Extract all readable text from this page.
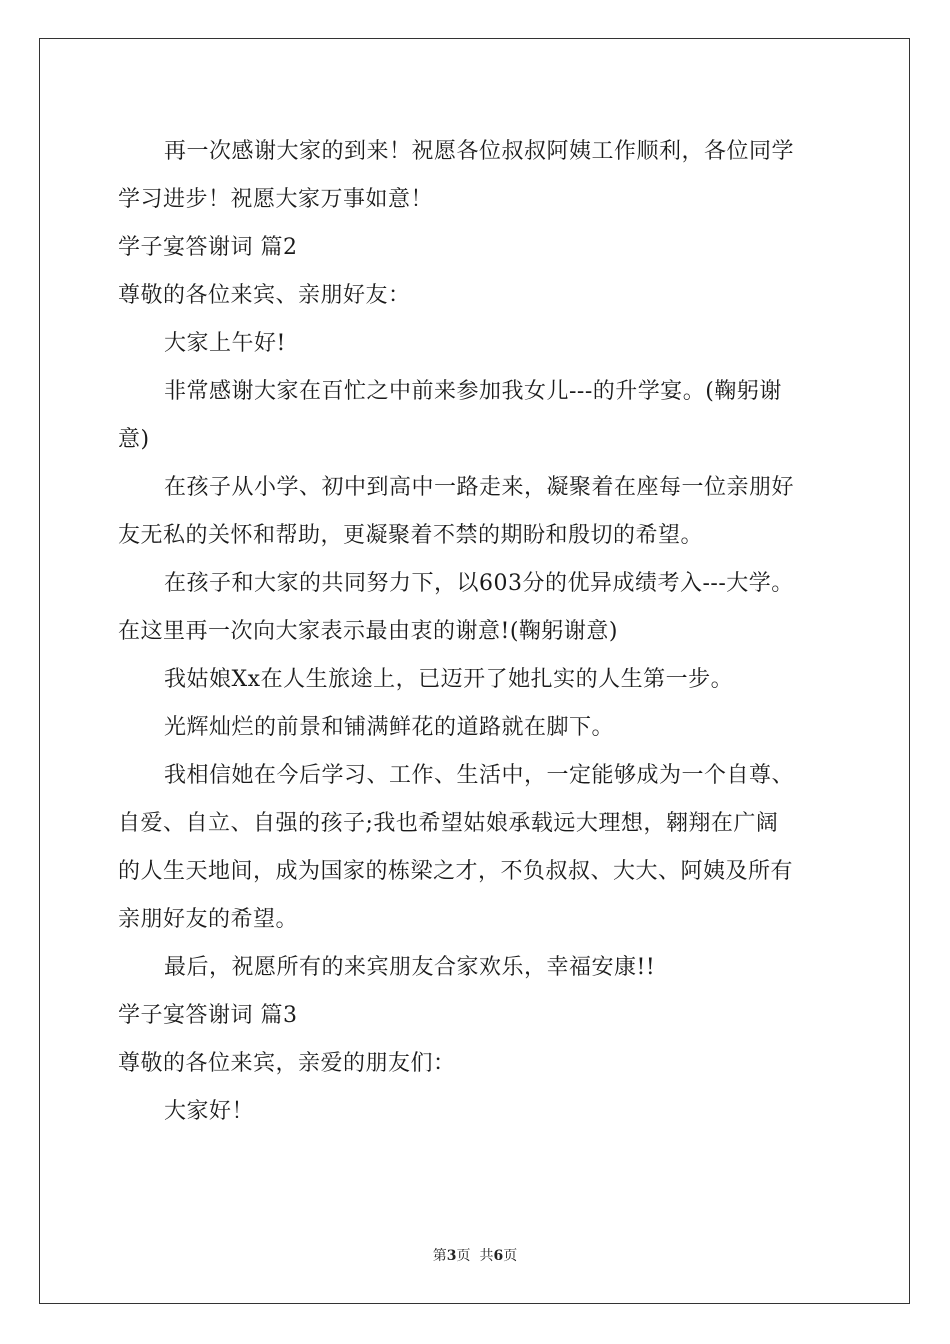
再一次感谢大家的到来！祝愿各位叔叔阿姨工作顺利，各位同学
学习进步！祝愿大家万事如意！
学子宴答谢词 篇2
尊敬的各位来宾、亲朋好友：
大家上午好!
非常感谢大家在百忙之中前来参加我女儿---的升学宴。(鞠躬谢
意)
在孩子从小学、初中到高中一路走来，凝聚着在座每一位亲朋好
友无私的关怀和帮助，更凝聚着不禁的期盼和殷切的希望。
在孩子和大家的共同努力下，以603分的优异成绩考入---大学。
在这里再一次向大家表示最由衷的谢意!(鞠躬谢意)
我姑娘Xx在人生旅途上，已迈开了她扎实的人生第一步。
光辉灿烂的前景和铺满鲜花的道路就在脚下。
我相信她在今后学习、工作、生活中，一定能够成为一个自尊、
自爱、自立、自强的孩子;我也希望姑娘承载远大理想，翱翔在广阔
的人生天地间，成为国家的栋梁之才，不负叔叔、大大、阿姨及所有
亲朋好友的希望。
最后，祝愿所有的来宾朋友合家欢乐，幸福安康!!
学子宴答谢词 篇3
尊敬的各位来宾，亲爱的朋友们：
大家好！
第3页  共6页
